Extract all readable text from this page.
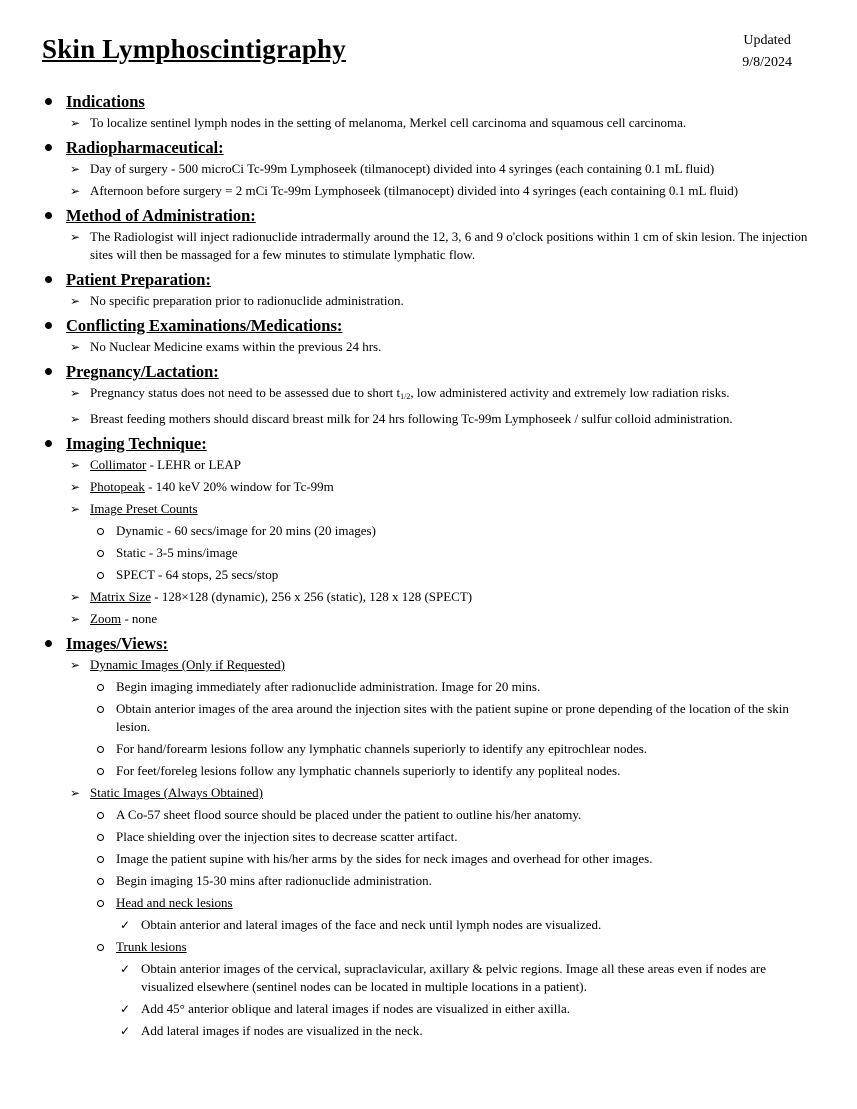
Skin Lymphoscintigraphy	Updated
9/8/2024
Indications
➢ To localize sentinel lymph nodes in the setting of melanoma, Merkel cell carcinoma and squamous cell carcinoma.
Radiopharmaceutical:
➢ Day of surgery - 500 microCi Tc-99m Lymphoseek (tilmanocept) divided into 4 syringes (each containing 0.1 mL fluid)
➢ Afternoon before surgery = 2 mCi Tc-99m Lymphoseek (tilmanocept) divided into 4 syringes (each containing 0.1 mL fluid)
Method of Administration:
➢ The Radiologist will inject radionuclide intradermally around the 12, 3, 6 and 9 o'clock positions within 1 cm of skin lesion. The injection sites will then be massaged for a few minutes to stimulate lymphatic flow.
Patient Preparation:
➢ No specific preparation prior to radionuclide administration.
Conflicting Examinations/Medications:
➢ No Nuclear Medicine exams within the previous 24 hrs.
Pregnancy/Lactation:
➢ Pregnancy status does not need to be assessed due to short $t_{1/2}$, low administered activity and extremely low radiation risks.
➢ Breast feeding mothers should discard breast milk for 24 hrs following Tc-99m Lymphoseek / sulfur colloid administration.
Imaging Technique:
➢ Collimator - LEHR or LEAP
➢ Photopeak - 140 keV 20% window for Tc-99m
➢ Image Preset Counts
Dynamic - 60 secs/image for 20 mins (20 images)
Static - 3-5 mins/image
SPECT - 64 stops, 25 secs/stop
➢ Matrix Size - 128×128 (dynamic), 256 x 256 (static), 128 x 128 (SPECT)
➢ Zoom - none
Images/Views:
➢ Dynamic Images (Only if Requested)
Begin imaging immediately after radionuclide administration. Image for 20 mins.
Obtain anterior images of the area around the injection sites with the patient supine or prone depending of the location of the skin lesion.
For hand/forearm lesions follow any lymphatic channels superiorly to identify any epitrochlear nodes.
For feet/foreleg lesions follow any lymphatic channels superiorly to identify any popliteal nodes.
➢ Static Images (Always Obtained)
A Co-57 sheet flood source should be placed under the patient to outline his/her anatomy.
Place shielding over the injection sites to decrease scatter artifact.
Image the patient supine with his/her arms by the sides for neck images and overhead for other images.
Begin imaging 15-30 mins after radionuclide administration.
Head and neck lesions
✓ Obtain anterior and lateral images of the face and neck until lymph nodes are visualized.
Trunk lesions
✓ Obtain anterior images of the cervical, supraclavicular, axillary & pelvic regions. Image all these areas even if nodes are visualized elsewhere (sentinel nodes can be located in multiple locations in a patient).
✓ Add 45° anterior oblique and lateral images if nodes are visualized in either axilla.
✓ Add lateral images if nodes are visualized in the neck.
